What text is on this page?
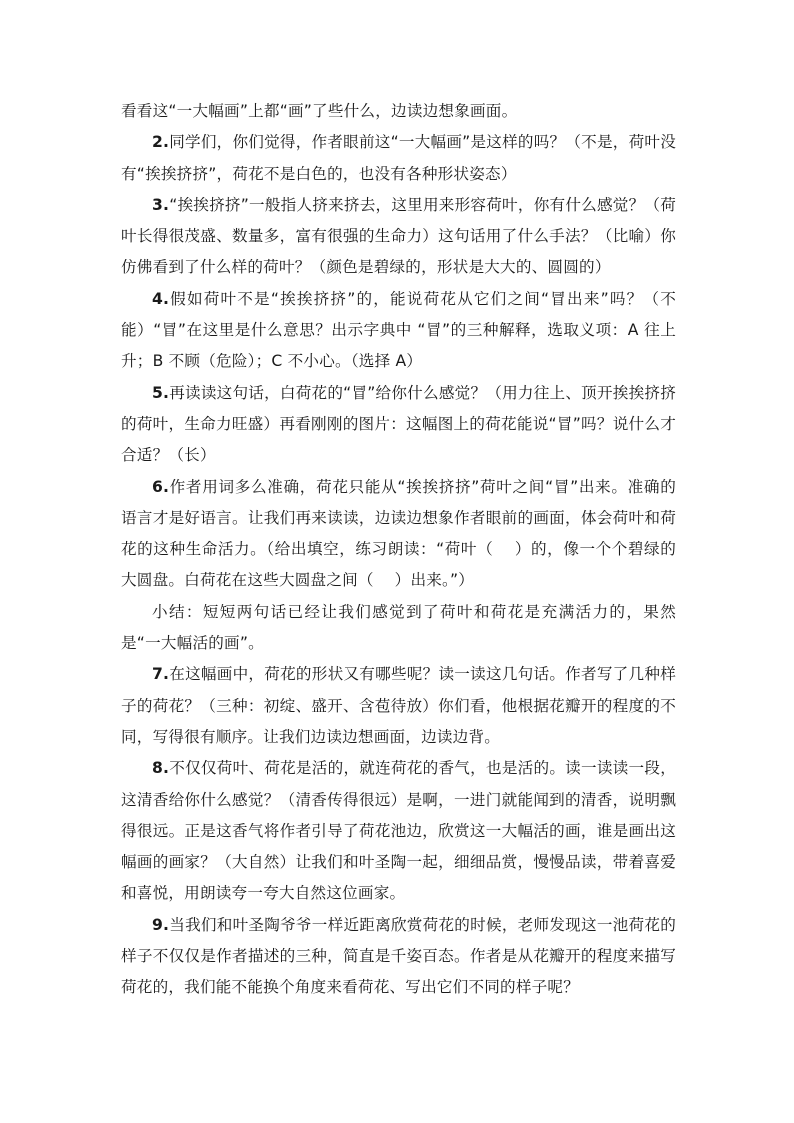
看看这“一大幅画”上都“画”了些什么，边读边想象画面。

2.同学们，你们觉得，作者眼前这“一大幅画”是这样的吗？（不是，荷叶没有“挨挨挤挤”，荷花不是白色的，也没有各种形状姿态）

3.“挨挨挤挤”一般指人挤来挤去，这里用来形容荷叶，你有什么感觉？（荷叶长得很茂盛、数量多，富有很强的生命力）这句话用了什么手法？（比喻）你仿佛看到了什么样的荷叶？（颜色是碧绿的，形状是大大的、圆圆的）

4.假如荷叶不是“挨挨挤挤”的，能说荷花从它们之间“冒出来”吗？（不能）“冒”在这里是什么意思？出示字典中 “冒”的三种解释，选取义项：A 往上升；B 不顾（危险）；C 不小心。（选择 A）

5.再读读这句话，白荷花的“冒”给你什么感觉？（用力往上、顶开挨挨挤挤的荷叶，生命力旺盛）再看刚刚的图片：这幅图上的荷花能说“冒”吗？说什么才合适？（长）

6.作者用词多么准确，荷花只能从“挨挨挤挤”荷叶之间“冒”出来。准确的语言才是好语言。让我们再来读读，边读边想象作者眼前的画面，体会荷叶和荷花的这种生命活力。（给出填空，练习朗读：“荷叶（　 ）的，像一个个碧绿的大圆盘。白荷花在这些大圆盘之间（　 ）出来。”）

小结：短短两句话已经让我们感觉到了荷叶和荷花是充满活力的，果然是“一大幅活的画”。

7.在这幅画中，荷花的形状又有哪些呢？读一读这几句话。作者写了几种样子的荷花？（三种：初绽、盛开、含苞待放）你们看，他根据花瓣开的程度的不同，写得很有顺序。让我们边读边想画面，边读边背。

8.不仅仅荷叶、荷花是活的，就连荷花的香气，也是活的。读一读读一段，这清香给你什么感觉？（清香传得很远）是啊，一进门就能闻到的清香，说明飘得很远。正是这香气将作者引导了荷花池边，欣赏这一大幅活的画，谁是画出这幅画的画家？（大自然）让我们和叶圣陶一起，细细品赏，慢慢品读，带着喜爱和喜悦，用朗读夸一夸大自然这位画家。

9.当我们和叶圣陶爷爷一样近距离欣赏荷花的时候，老师发现这一池荷花的样子不仅仅是作者描述的三种，简直是千姿百态。作者是从花瓣开的程度来描写荷花的，我们能不能换个角度来看荷花、写出它们不同的样子呢？
